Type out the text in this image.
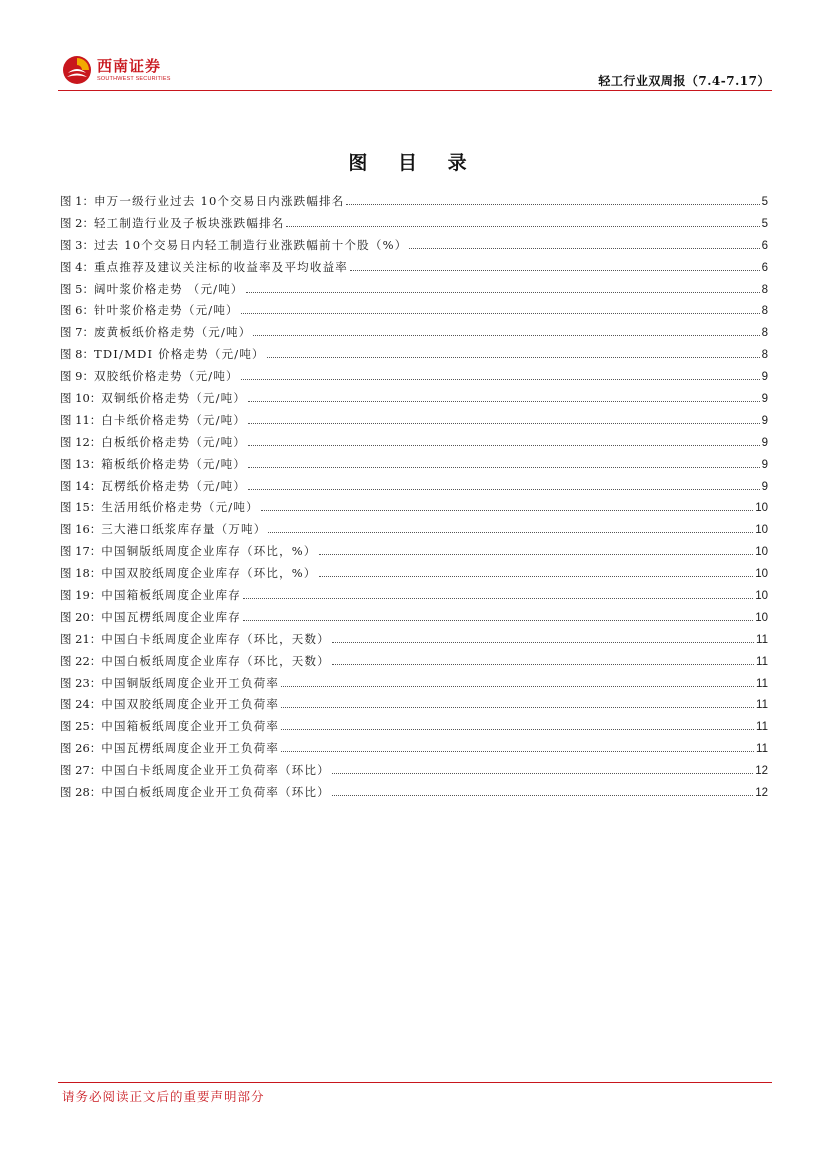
西南证券
SOUTHWEST SECURITIES	轻工行业双周报（7.4-7.17）
图 目 录
图 1： 申万一级行业过去 10个交易日内涨跌幅排名	5
图 2： 轻工制造行业及子板块涨跌幅排名	5
图 3： 过去 10个交易日内轻工制造行业涨跌幅前十个股（%）	6
图 4： 重点推荐及建议关注标的收益率及平均收益率	6
图 5： 阔叶浆价格走势 （元/吨）	8
图 6： 针叶浆价格走势（元/吨）	8
图 7： 废黄板纸价格走势（元/吨）	8
图 8： TDI/MDI 价格走势（元/吨）	8
图 9： 双胶纸价格走势（元/吨）	9
图 10： 双铜纸价格走势（元/吨）	9
图 11： 白卡纸价格走势（元/吨）	9
图 12： 白板纸价格走势（元/吨）	9
图 13： 箱板纸价格走势（元/吨）	9
图 14： 瓦楞纸价格走势（元/吨）	9
图 15： 生活用纸价格走势（元/吨）	10
图 16： 三大港口纸浆库存量（万吨）	10
图 17： 中国铜版纸周度企业库存（环比，%）	10
图 18： 中国双胶纸周度企业库存（环比，%）	10
图 19： 中国箱板纸周度企业库存	10
图 20： 中国瓦楞纸周度企业库存	10
图 21： 中国白卡纸周度企业库存（环比，天数）	11
图 22： 中国白板纸周度企业库存（环比，天数）	11
图 23： 中国铜版纸周度企业开工负荷率	11
图 24： 中国双胶纸周度企业开工负荷率	11
图 25： 中国箱板纸周度企业开工负荷率	11
图 26： 中国瓦楞纸周度企业开工负荷率	11
图 27： 中国白卡纸周度企业开工负荷率（环比）	12
图 28： 中国白板纸周度企业开工负荷率（环比）	12
请务必阅读正文后的重要声明部分
